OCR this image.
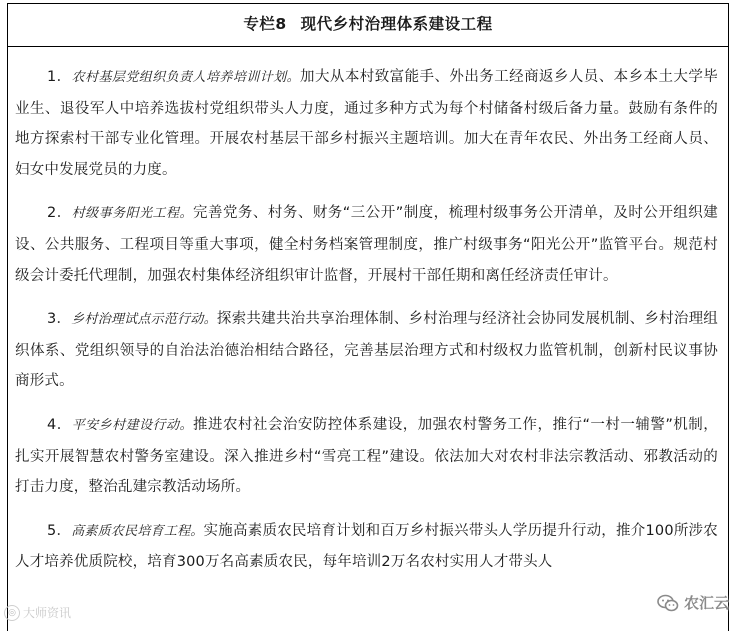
专栏8 现代乡村治理体系建设工程

1．农村基层党组织负责人培养培训计划。加大从本村致富能手、外出务工经商返乡人员、本乡本土大学毕业生、退役军人中培养选拔村党组织带头人力度，通过多种方式为每个村储备村级后备力量。鼓励有条件的地方探索村干部专业化管理。开展农村基层干部乡村振兴主题培训。加大在青年农民、外出务工经商人员、妇女中发展党员的力度。

2．村级事务阳光工程。完善党务、村务、财务“三公开”制度，梳理村级事务公开清单，及时公开组织建设、公共服务、工程项目等重大事项，健全村务档案管理制度，推广村级事务“阳光公开”监管平台。规范村级会计委托代理制，加强农村集体经济组织审计监督，开展村干部任期和离任经济责任审计。

3．乡村治理试点示范行动。探索共建共治共享治理体制、乡村治理与经济社会协同发展机制、乡村治理组织体系、党组织领导的自治法治德治相结合路径，完善基层治理方式和村级权力监管机制，创新村民议事协商形式。

4．平安乡村建设行动。推进农村社会治安防控体系建设，加强农村警务工作，推行“一村一辅警”机制，扎实开展智慧农村警务室建设。深入推进乡村“雪亮工程”建设。依法加大对农村非法宗教活动、邪教活动的打击力度，整治乱建宗教活动场所。

5．高素质农民培育工程。实施高素质农民培育计划和百万乡村振兴带头人学历提升行动，推介100所涉农人才培养优质院校，培育300万名高素质农民，每年培训2万名农村实用人才带头人

◎ 大师资讯
农汇云
